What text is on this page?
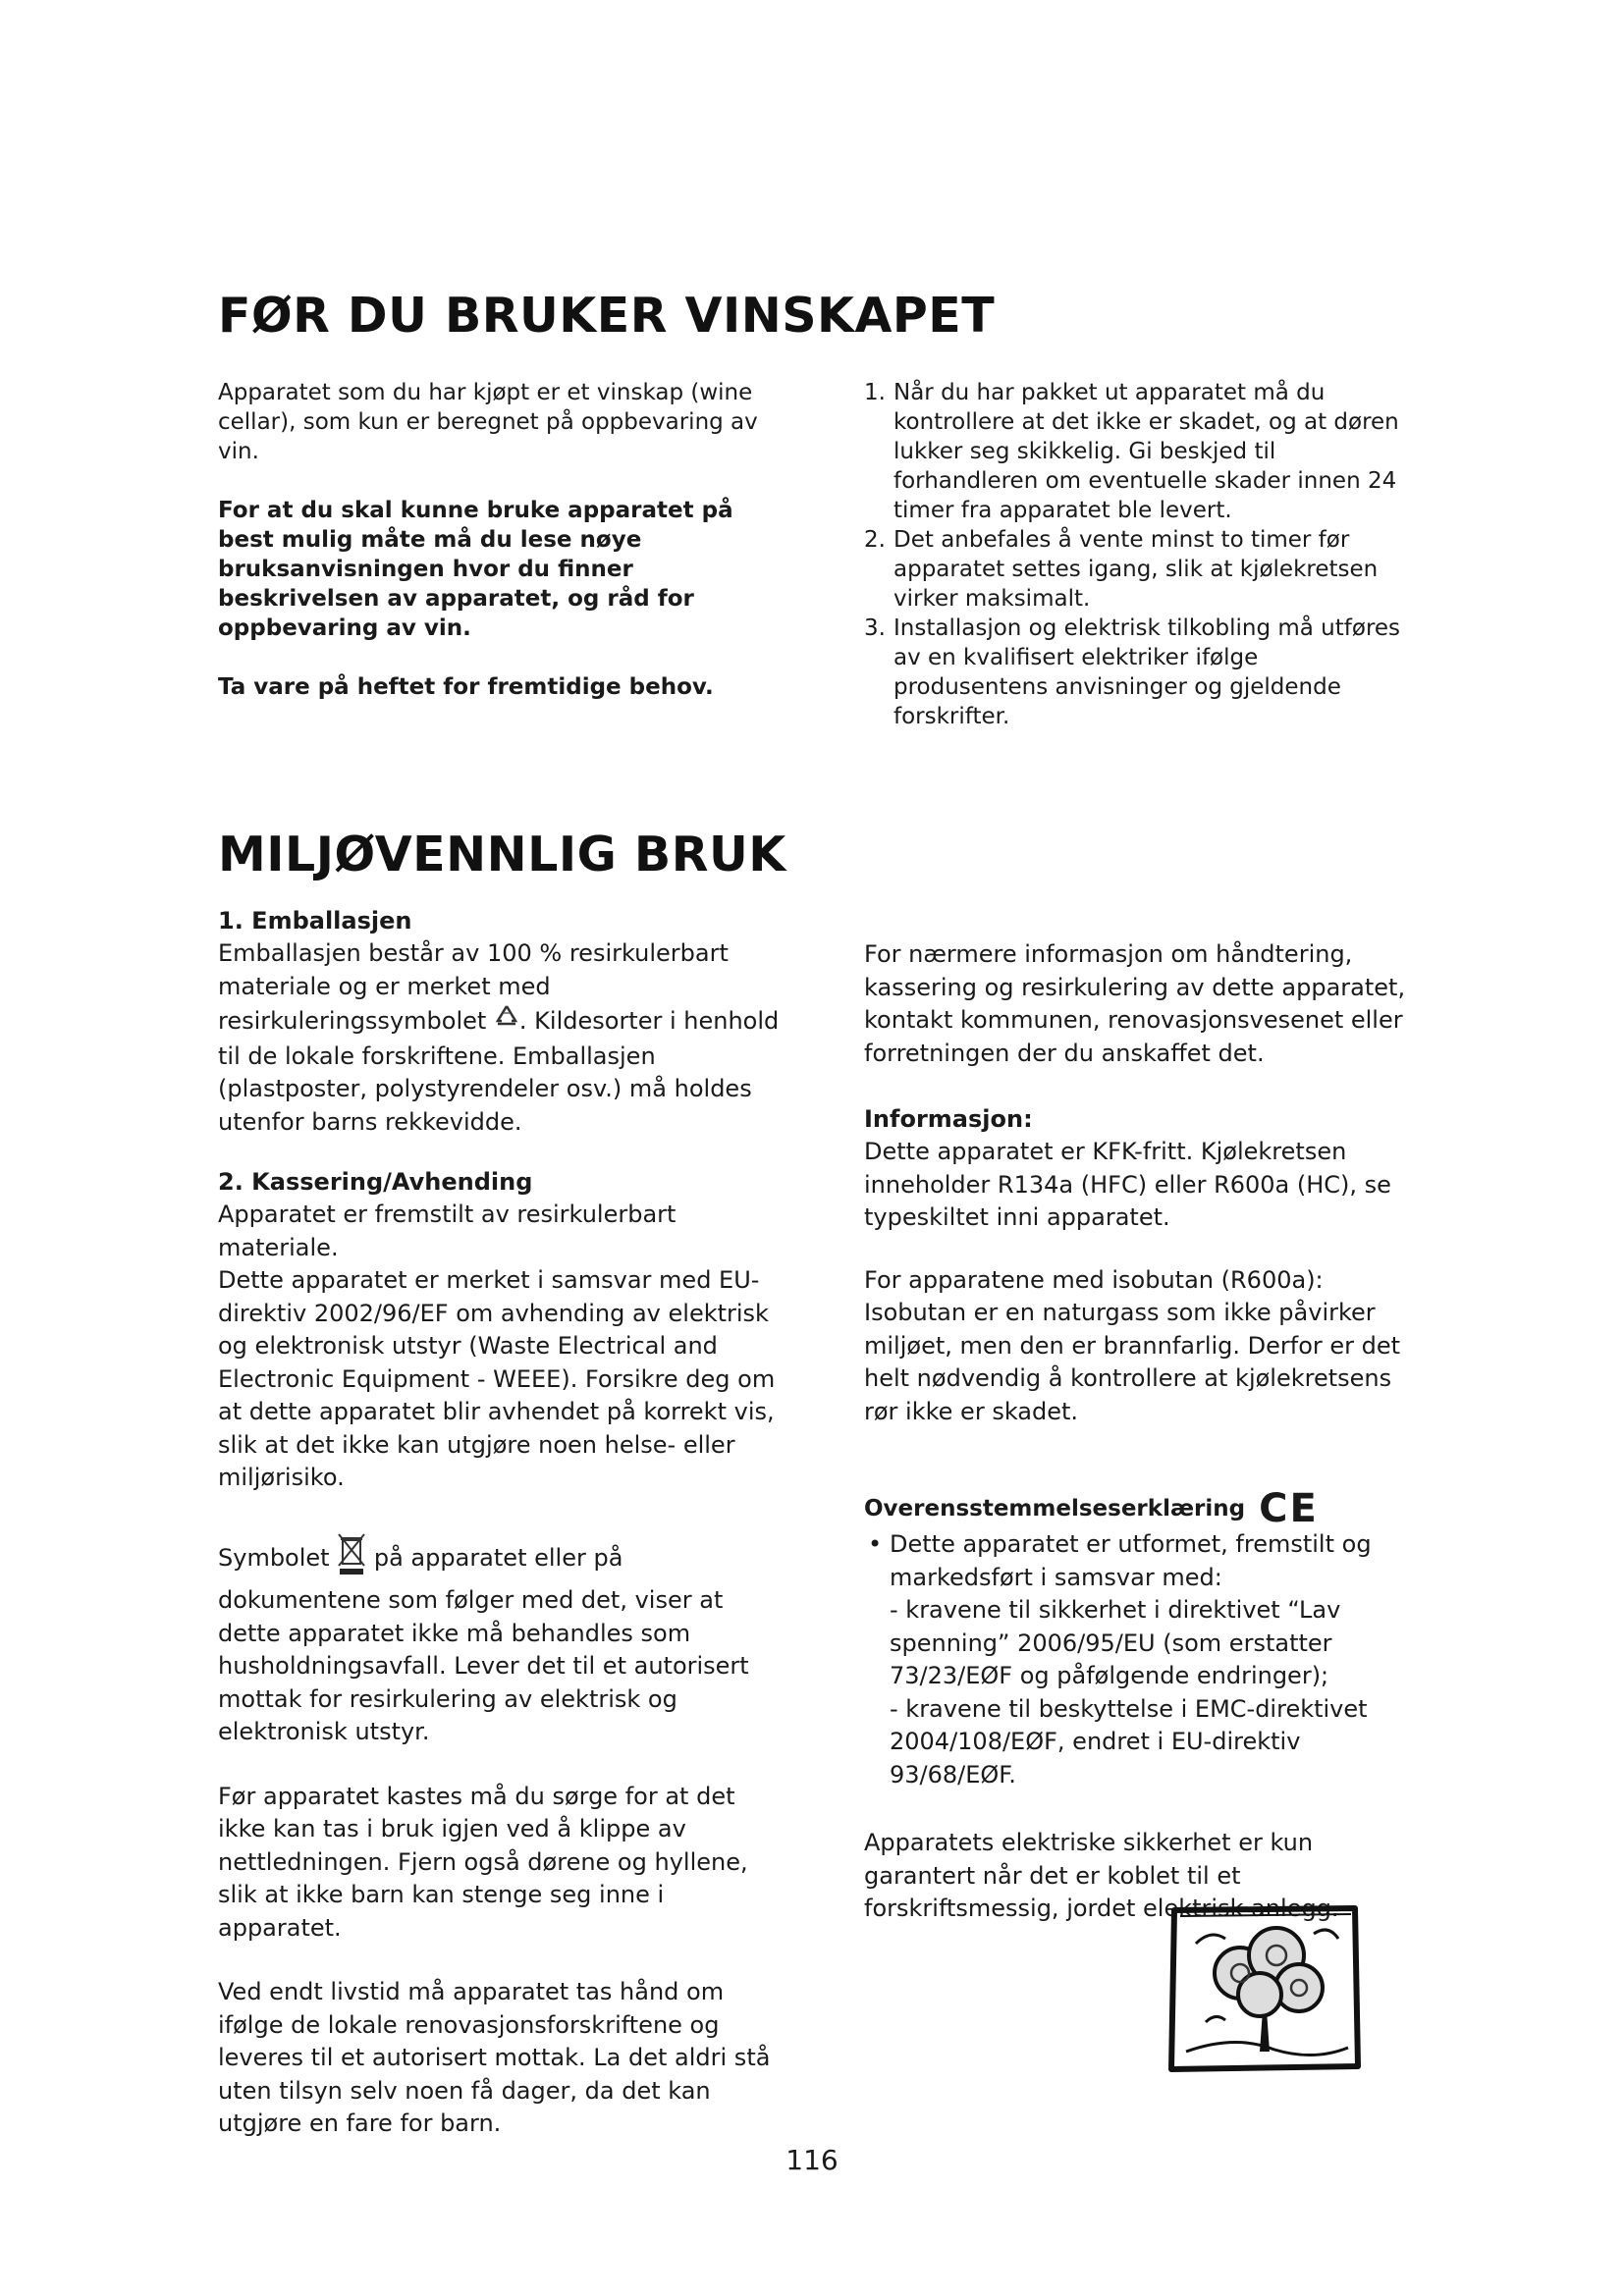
FØR DU BRUKER VINSKAPET

Apparatet som du har kjøpt er et vinskap (wine cellar), som kun er beregnet på oppbevaring av vin.

For at du skal kunne bruke apparatet på best mulig måte må du lese nøye bruksanvisningen hvor du finner beskrivelsen av apparatet, og råd for oppbevaring av vin.

Ta vare på heftet for fremtidige behov.

1. Når du har pakket ut apparatet må du kontrollere at det ikke er skadet, og at døren lukker seg skikkelig. Gi beskjed til forhandleren om eventuelle skader innen 24 timer fra apparatet ble levert.
2. Det anbefales å vente minst to timer før apparatet settes igang, slik at kjølekretsen virker maksimalt.
3. Installasjon og elektrisk tilkobling må utføres av en kvalifisert elektriker ifølge produsentens anvisninger og gjeldende forskrifter.
MILJØVENNLIG BRUK

1. Emballasjen

Emballasjen består av 100 % resirkulerbart materiale og er merket med resirkuleringssymbolet . Kildesorter i henhold til de lokale forskriftene. Emballasjen (plastposter, polystyrendeler osv.) må holdes utenfor barns rekkevidde.

2. Kassering/Avhending

Apparatet er fremstilt av resirkulerbart materiale.

Dette apparatet er merket i samsvar med EU-direktiv 2002/96/EF om avhending av elektrisk og elektronisk utstyr (Waste Electrical and Electronic Equipment - WEEE). Forsikre deg om at dette apparatet blir avhendet på korrekt vis, slik at det ikke kan utgjøre noen helse- eller miljørisiko.

Symbolet på apparatet eller på dokumentene som følger med det, viser at dette apparatet ikke må behandles som husholdningsavfall. Lever det til et autorisert mottak for resirkulering av elektrisk og elektronisk utstyr.

Før apparatet kastes må du sørge for at det ikke kan tas i bruk igjen ved å klippe av nettledningen. Fjern også dørene og hyllene, slik at ikke barn kan stenge seg inne i apparatet.

Ved endt livstid må apparatet tas hånd om ifølge de lokale renovasjonsforskriftene og leveres til et autorisert mottak. La det aldri stå uten tilsyn selv noen få dager, da det kan utgjøre en fare for barn.

For nærmere informasjon om håndtering, kassering og resirkulering av dette apparatet, kontakt kommunen, renovasjonsvesenet eller forretningen der du anskaffet det.

Informasjon:

Dette apparatet er KFK-fritt. Kjølekretsen inneholder R134a (HFC) eller R600a (HC), se typeskiltet inni apparatet.

For apparatene med isobutan (R600a): Isobutan er en naturgass som ikke påvirker miljøet, men den er brannfarlig. Derfor er det helt nødvendig å kontrollere at kjølekretsens rør ikke er skadet.

Overensstemmelseserklæring CE
• Dette apparatet er utformet, fremstilt og markedsført i samsvar med:
- kravene til sikkerhet i direktivet “Lav spenning” 2006/95/EU (som erstatter 73/23/EØF og påfølgende endringer);
- kravene til beskyttelse i EMC-direktivet 2004/108/EØF, endret i EU-direktiv 93/68/EØF.

Apparatets elektriske sikkerhet er kun garantert når det er koblet til et forskriftsmessig, jordet elektrisk anlegg.

116
